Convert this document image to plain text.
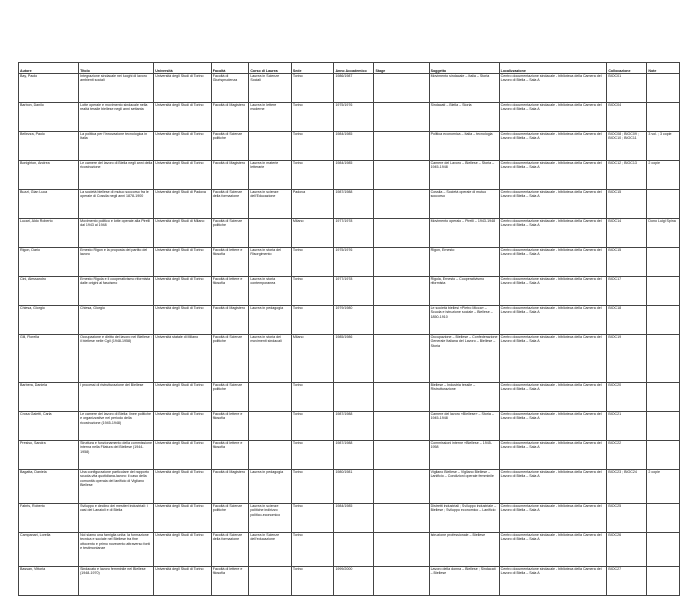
Autore	Titolo	Università	Facoltà	Corso di Laurea	Sede	Anno Accademico	Stage	Soggetto	Localizzazione	Collocazione	Note
Bay, Paolo	Integrazione sindacale nei luoghi di lavoro ambienti sociali	Università degli Studi di Torino	Facoltà di Giurisprudenza	Laurea in Scienze Sociali	Torino	1986/1987		Movimento sindacale – Italia – Storia	Centro documentazione sindacale - biblioteca della Camera del Lavoro di Biella – Sala A	BIOC01	
Barbon, Danilo	Lotte operaie e movimento sindacale nella realtà tessile biellese negli anni settanta	Università degli Studi di Torino	Facoltà di Magistero	Laurea in lettere moderne	Torino	1975/1976		Sindacati – Biella – Storia	Centro documentazione sindacale - biblioteca della Camera del Lavoro di Biella – Sala A	BIOC04	
Bellezza, Paolo	La politica per l'innovazione tecnologica in Italia	Università degli Studi di Torino	Facoltà di Scienze politiche		Torino	1984/1985		Politica economica – Italia – tecnologia	Centro documentazione sindacale - biblioteca della Camera del Lavoro di Biella – Sala A	BIOC08 ; BIOC09 ; BIOC10 ; BIOC11	3 vol. ; 3 copie
Bonighton, Andrea	Le camere del lavoro di Biella negli anni della ricostruzione	Università degli Studi di Torino	Facoltà di Magistero	Laurea in materie letterarie	Torino	1984/1985		Camere del Lavoro – Biellese – Storia – 1945-1948	Centro documentazione sindacale - biblioteca della Camera del Lavoro di Biella – Sala A	BIOC12 ; BIOC13	2 copie
Buzzi, Gian Luca	La società biellese di mutuo soccorso fra le operaie di Cossila negli anni 1878-1900	Università degli Studi di Padova	Facoltà di Scienze della formazione	Laurea in scienze dell'Educazione	Padova	1987/1988		Cossila – Società operaie di mutuo soccorso	Centro documentazione sindacale - biblioteca della Camera del Lavoro di Biella – Sala A	BIOC15	
Lucari, Aldo Roberto	Movimento politico e lotte operaie alla Pirelli dal 1943 al 1948	Università degli Studi di Milano	Facoltà di Scienze politiche		Milano	1977/1978		Movimento operaio – Pirelli – 1943-1948	Centro documentazione sindacale - biblioteca della Camera del Lavoro di Biella – Sala A	BIOC14	Dono Luigi Spina
Rigon, Dario	Ernesto Rigon e la proposta del partito del lavoro	Università degli Studi di Torino	Facoltà di lettere e filosofia	Laurea in storia del Risorgimento	Torino	1975/1976		Rigon, Ernesto	Centro documentazione sindacale - biblioteca della Camera del Lavoro di Biella – Sala A	BIOC15	
Cini, Alessandro	Ernesto Rigola e il cooperativismo riformista dalle origini al fascismo	Università degli Studi di Torino	Facoltà di lettere e filosofia	Laurea in storia contemporanea	Torino	1977/1978		Rigola, Ernesto – Cooperativismo riformista	Centro documentazione sindacale - biblioteca della Camera del Lavoro di Biella – Sala A	BIOC17	
Chiesa, Giorgio	Chiesa, Giorgio	Università degli Studi di Torino	Facoltà di Magistero	Laurea in pedagogia	Torino	1979/1980		Le società biellesi «Pietro Micca» – Scuola e istruzione sociale – Biellese – 1850-1910	Centro documentazione sindacale - biblioteca della Camera del Lavoro di Biella – Sala A	BIOC18	
Gili, Fiorella	Occupazione e diritto del lavoro nel Biellese : il biellese nelle Cgil (1948-1958)	Università statale di Milano	Facoltà di Scienze politiche	Laurea in storia dei movimenti sindacali	Milano	1985/1986		Occupazione – Biellese – Confederazione Generale Italiana del Lavoro – Biellese – Storia	Centro documentazione sindacale - biblioteca della Camera del Lavoro di Biella – Sala A	BIOC19	
Barbera, Daniela	I processi di ristrutturazione del Biellese	Università degli Studi di Torino	Facoltà di Scienze politiche		Torino			Biellese – Industria tessile – Ristrutturazione	Centro documentazione sindacale - biblioteca della Camera del Lavoro di Biella – Sala A	BIOC20	
Crosa Gaietti, Carla	Le camere del lavoro di Biella: linee politiche e organizzative nel periodo della ricostruzione (1945-1948)	Università degli Studi di Torino	Facoltà di lettere e filosofia		Torino	1987/1988		Camere del lavoro «Biellese» – Storia – 1945-1948	Centro documentazione sindacale - biblioteca della Camera del Lavoro di Biella – Sala A	BIOC21	
Presiso, Sandra	Struttura e funzionamento della commissione interna nella Filatura del Biellese (1944-1958)	Università degli Studi di Torino	Facoltà di lettere e filosofia		Torino	1987/1988		Commissioni interne «Biellese – 1945-1958	Centro documentazione sindacale - biblioteca della Camera del Lavoro di Biella – Sala A	BIOC22	
Bagatta, Daniela	Una configurazione particolare del rapporto scuola-vita quotidiana-lavoro: il caso della comunità operaia del lanificio di Vigliano Biellese	Università degli Studi di Torino	Facoltà di Magistero	Laurea in pedagogia	Torino	1980/1981		Vigliano Biellese – Vigliano Biellese – Lanificio – Condizioni operaie femminile	Centro documentazione sindacale - biblioteca della Camera del Lavoro di Biella – Sala A	BIOC23 ; BIOC24	2 copie
Fabris, Roberto	Sviluppo e declino dei mestieri industriali: i casi dei Lanaioli e di Biella	Università degli Studi di Torino	Facoltà di Scienze politiche	Laurea in scienze politiche indirizzo politico-economico	Torino	1984/1985		Distretti industriali ; Sviluppo industriale – Biellese ; Sviluppo economico – Lanificio	Centro documentazione sindacale - biblioteca della Camera del Lavoro di Biella – Sala A	BIOC25	
Campanari, Lorella	Noi siamo una famiglia unita: la formazione tecnica e sociale nel Biellese tra fine ottocento e primo novecento attraverso fonti e testimonianze	Università degli Studi di Torino	Facoltà di Scienze della formazione	Laurea in Scienze dell'educazione	Torino			Istruzione professionale – Biellese	Centro documentazione sindacale - biblioteca della Camera del Lavoro di Biella – Sala A	BIOC26	
Bassan, Vittoria	Sindacato e lavoro femminile nel Biellese (1948-1970)	Università degli Studi di Torino	Facoltà di lettere e filosofia		Torino	1999/2000		Lavoro della donna – Biellese ; Sindacati – Biellese	Centro documentazione sindacale - biblioteca della Camera del Lavoro di Biella – Sala A	BIOC27	
